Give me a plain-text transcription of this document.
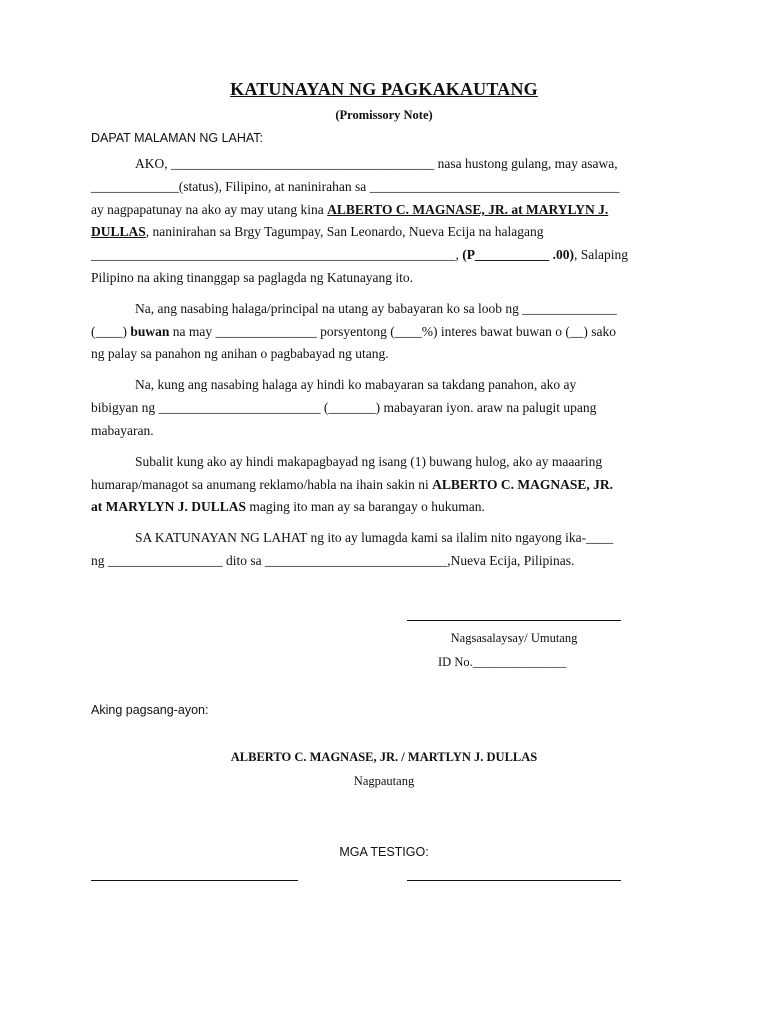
KATUNAYAN NG PAGKAKAUTANG
(Promissory Note)
DAPAT MALAMAN NG LAHAT:
AKO, _______________________________________ nasa hustong gulang, may asawa,
_____________(status), Filipino, at naninirahan sa _____________________________________
ay nagpapatunay na ako ay may utang kina ALBERTO C. MAGNASE, JR. at MARYLYN J.
DULLAS, naninirahan sa Brgy Tagumpay, San Leonardo, Nueva Ecija na halagang
______________________________________________________, (P___________ .00), Salaping
Pilipino na aking tinanggap sa paglagda ng Katunayang ito.
Na, ang nasabing halaga/principal na utang ay babayaran ko sa loob ng ______________
(____) buwan na may _______________ porsyentong (____%) interes bawat buwan o (__) sako
ng palay sa panahon ng anihan o pagbabayad ng utang.
Na, kung ang nasabing halaga ay hindi ko mabayaran sa takdang panahon, ako ay
bibigyan ng ________________________ (_______) mabayaran iyon. araw na palugit upang
mabayaran.
Subalit kung ako ay hindi makapagbayad ng isang (1) buwang hulog, ako ay maaaring
humarap/managot sa anumang reklamo/habla na ihain sakin ni ALBERTO C. MAGNASE, JR.
at MARYLYN J. DULLAS maging ito man ay sa barangay o hukuman.
SA KATUNAYAN NG LAHAT ng ito ay lumagda kami sa ilalim nito ngayong ika-____
ng _________________ dito sa ___________________________,Nueva Ecija, Pilipinas.
Nagsasalaysay/ Umutang
ID No._______________
Aking pagsang-ayon:
ALBERTO C. MAGNASE, JR. / MARTLYN J. DULLAS
Nagpautang
MGA TESTIGO:
